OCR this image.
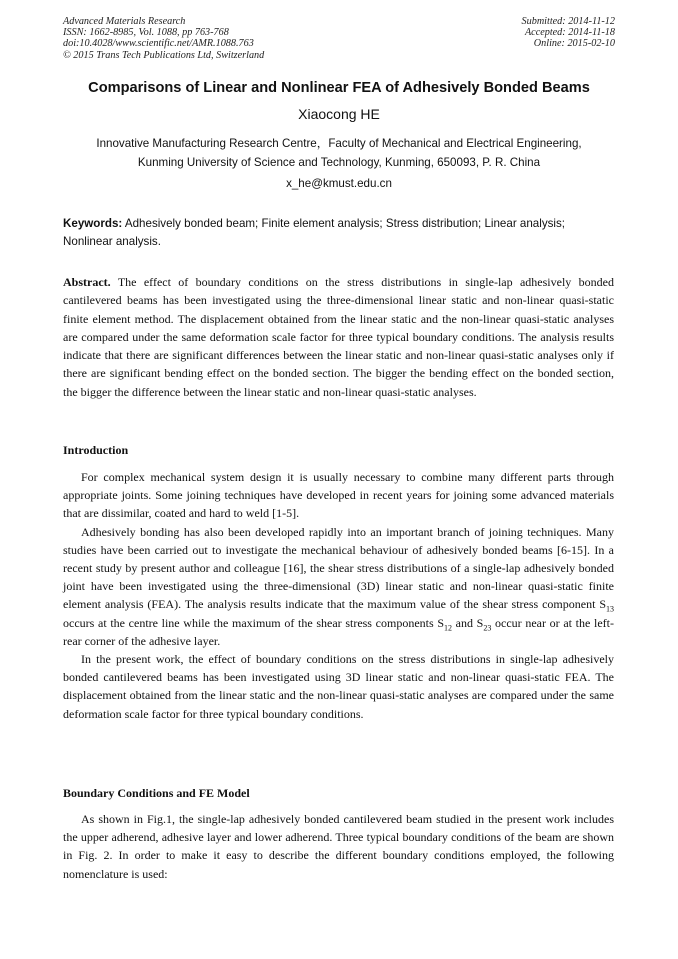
Advanced Materials Research
ISSN: 1662-8985, Vol. 1088, pp 763-768
doi:10.4028/www.scientific.net/AMR.1088.763
© 2015 Trans Tech Publications Ltd, Switzerland
Submitted: 2014-11-12
Accepted: 2014-11-18
Online: 2015-02-10
Comparisons of Linear and Nonlinear FEA of Adhesively Bonded Beams
Xiaocong HE
Innovative Manufacturing Research Centre，Faculty of Mechanical and Electrical Engineering,
Kunming University of Science and Technology, Kunming, 650093, P. R. China
x_he@kmust.edu.cn
Keywords: Adhesively bonded beam; Finite element analysis; Stress distribution; Linear analysis; Nonlinear analysis.
Abstract. The effect of boundary conditions on the stress distributions in single-lap adhesively bonded cantilevered beams has been investigated using the three-dimensional linear static and non-linear quasi-static finite element method. The displacement obtained from the linear static and the non-linear quasi-static analyses are compared under the same deformation scale factor for three typical boundary conditions. The analysis results indicate that there are significant differences between the linear static and non-linear quasi-static analyses only if there are significant bending effect on the bonded section. The bigger the bending effect on the bonded section, the bigger the difference between the linear static and non-linear quasi-static analyses.
Introduction

For complex mechanical system design it is usually necessary to combine many different parts through appropriate joints. Some joining techniques have developed in recent years for joining some advanced materials that are dissimilar, coated and hard to weld [1-5].

Adhesively bonding has also been developed rapidly into an important branch of joining techniques. Many studies have been carried out to investigate the mechanical behaviour of adhesively bonded beams [6-15]. In a recent study by present author and colleague [16], the shear stress distributions of a single-lap adhesively bonded joint have been investigated using the three-dimensional (3D) linear static and non-linear quasi-static finite element analysis (FEA). The analysis results indicate that the maximum value of the shear stress component $S_{13}$ occurs at the centre line while the maximum of the shear stress components $S_{12}$ and $S_{23}$ occur near or at the left-rear corner of the adhesive layer.

In the present work, the effect of boundary conditions on the stress distributions in single-lap adhesively bonded cantilevered beams has been investigated using 3D linear static and non-linear quasi-static FEA. The displacement obtained from the linear static and the non-linear quasi-static analyses are compared under the same deformation scale factor for three typical boundary conditions.

Boundary Conditions and FE Model

As shown in Fig.1, the single-lap adhesively bonded cantilevered beam studied in the present work includes the upper adherend, adhesive layer and lower adherend. Three typical boundary conditions of the beam are shown in Fig. 2. In order to make it easy to describe the different boundary conditions employed, the following nomenclature is used:
